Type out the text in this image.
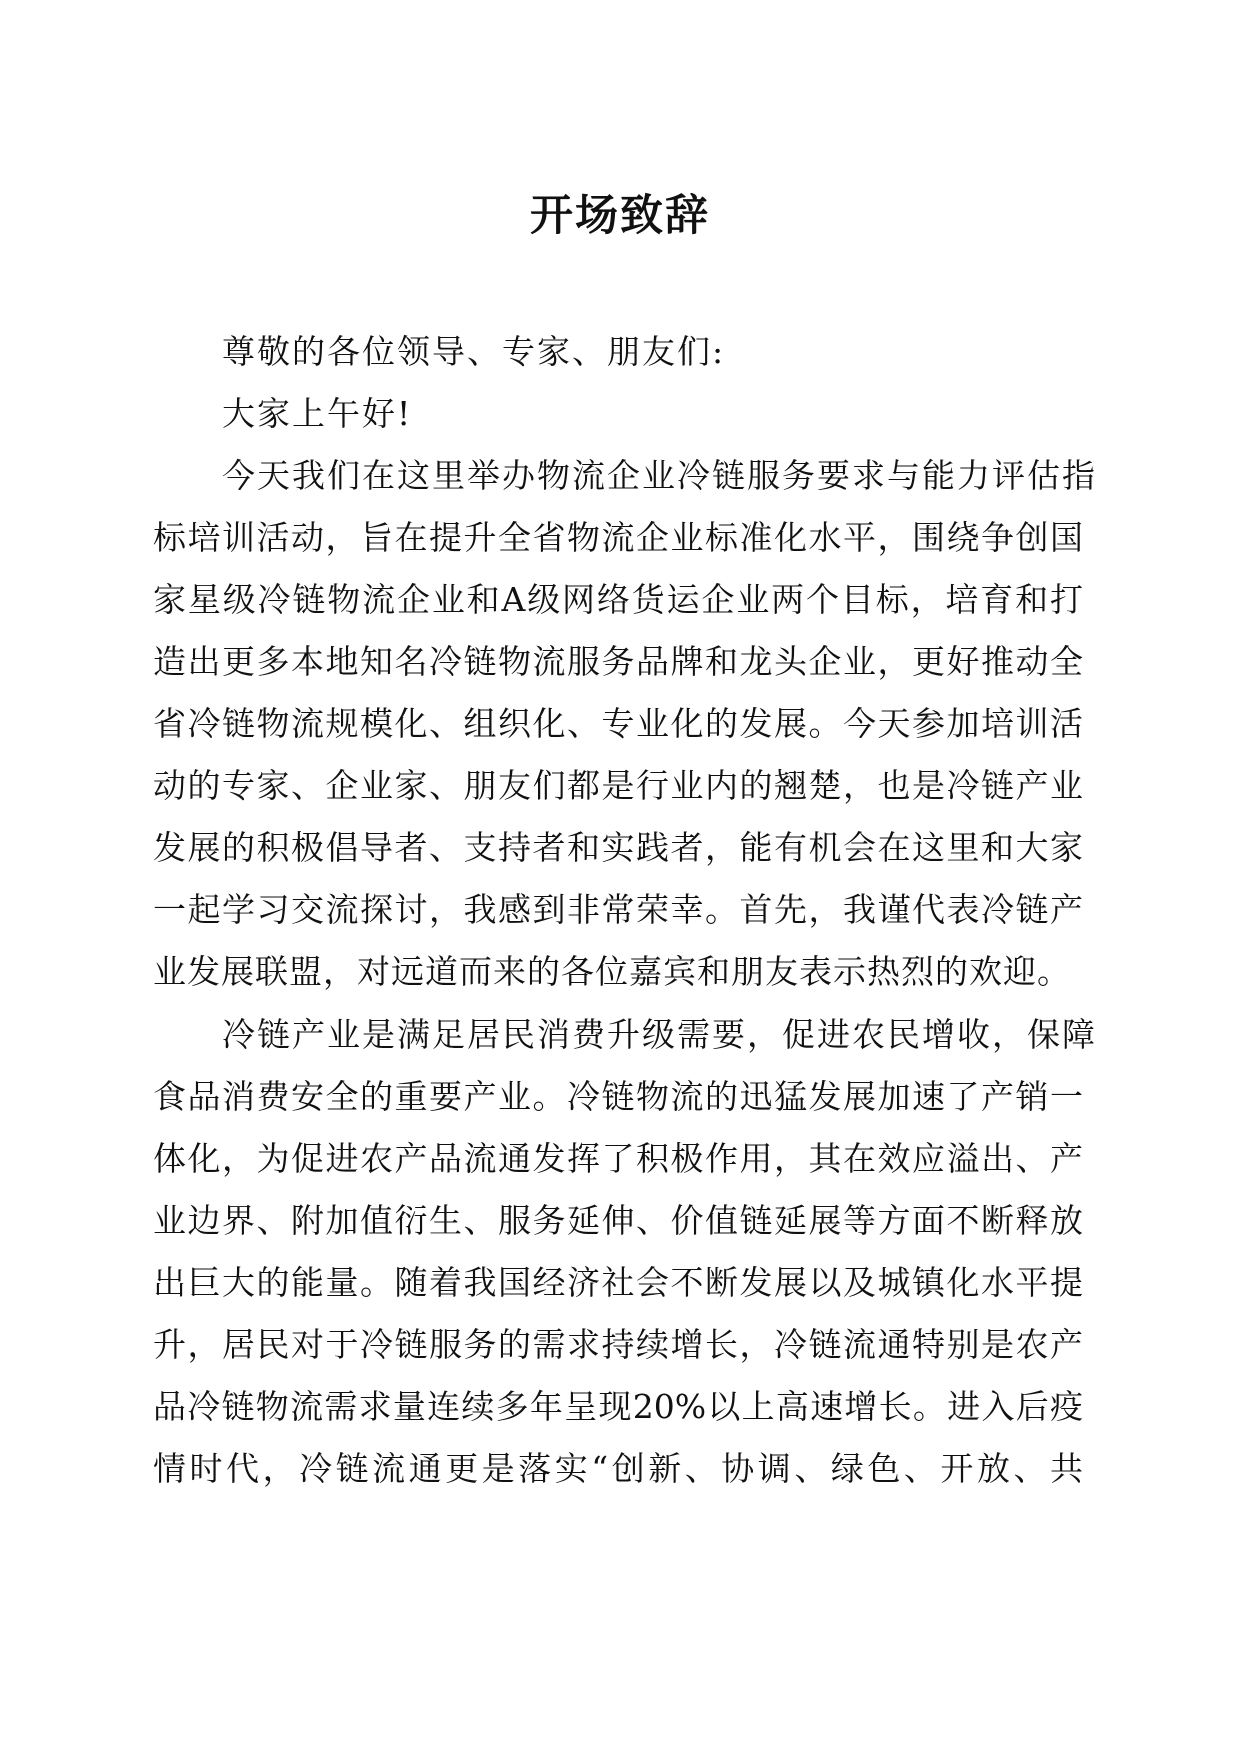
开场致辞

尊敬的各位领导、专家、朋友们:

大家上午好!

今天我们在这里举办物流企业冷链服务要求与能力评估指

标培训活动，旨在提升全省物流企业标准化水平，围绕争创国

家星级冷链物流企业和A级网络货运企业两个目标，培育和打

造出更多本地知名冷链物流服务品牌和龙头企业，更好推动全

省冷链物流规模化、组织化、专业化的发展。今天参加培训活

动的专家、企业家、朋友们都是行业内的翘楚，也是冷链产业

发展的积极倡导者、支持者和实践者，能有机会在这里和大家

一起学习交流探讨，我感到非常荣幸。首先，我谨代表冷链产

业发展联盟，对远道而来的各位嘉宾和朋友表示热烈的欢迎。

冷链产业是满足居民消费升级需要，促进农民增收，保障

食品消费安全的重要产业。冷链物流的迅猛发展加速了产销一

体化，为促进农产品流通发挥了积极作用，其在效应溢出、产

业边界、附加值衍生、服务延伸、价值链延展等方面不断释放

出巨大的能量。随着我国经济社会不断发展以及城镇化水平提

升，居民对于冷链服务的需求持续增长，冷链流通特别是农产

品冷链物流需求量连续多年呈现20%以上高速增长。进入后疫

情时代，冷链流通更是落实“创新、协调、绿色、开放、共
